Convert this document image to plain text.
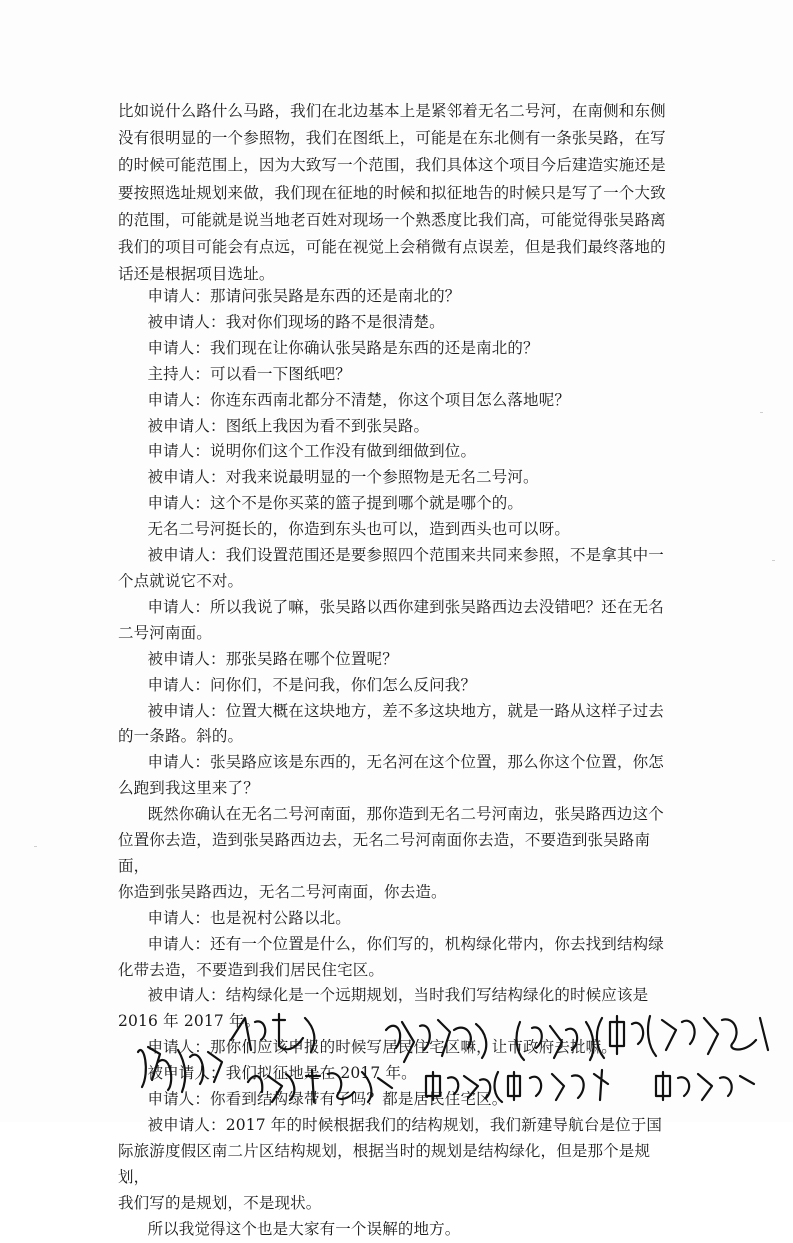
比如说什么路什么马路，我们在北边基本上是紧邻着无名二号河，在南侧和东侧

没有很明显的一个参照物，我们在图纸上，可能是在东北侧有一条张吴路，在写

的时候可能范围上，因为大致写一个范围，我们具体这个项目今后建造实施还是

要按照选址规划来做，我们现在征地的时候和拟征地告的时候只是写了一个大致

的范围，可能就是说当地老百姓对现场一个熟悉度比我们高，可能觉得张吴路离

我们的项目可能会有点远，可能在视觉上会稍微有点误差，但是我们最终落地的

话还是根据项目选址。

申请人：那请问张吴路是东西的还是南北的？

被申请人：我对你们现场的路不是很清楚。

申请人：我们现在让你确认张吴路是东西的还是南北的？

主持人：可以看一下图纸吧？

申请人：你连东西南北都分不清楚，你这个项目怎么落地呢？

被申请人：图纸上我因为看不到张吴路。

申请人：说明你们这个工作没有做到细做到位。

被申请人：对我来说最明显的一个参照物是无名二号河。

申请人：这个不是你买菜的篮子提到哪个就是哪个的。

无名二号河挺长的，你造到东头也可以，造到西头也可以呀。

被申请人：我们设置范围还是要参照四个范围来共同来参照，不是拿其中一

个点就说它不对。

申请人：所以我说了嘛，张吴路以西你建到张吴路西边去没错吧？还在无名

二号河南面。

被申请人：那张吴路在哪个位置呢？

申请人：问你们，不是问我，你们怎么反问我？

被申请人：位置大概在这块地方，差不多这块地方，就是一路从这样子过去

的一条路。斜的。

申请人：张吴路应该是东西的，无名河在这个位置，那么你这个位置，你怎

么跑到我这里来了？

既然你确认在无名二号河南面，那你造到无名二号河南边，张吴路西边这个

位置你去造，造到张吴路西边去，无名二号河南面你去造，不要造到张吴路南面，

你造到张吴路西边，无名二号河南面，你去造。

申请人：也是祝村公路以北。

申请人：还有一个位置是什么，你们写的，机构绿化带内，你去找到结构绿

化带去造，不要造到我们居民住宅区。

被申请人：结构绿化是一个远期规划，当时我们写结构绿化的时候应该是

2016 年 2017 年。

申请人：那你们应该申报的时候写居民住宅区嘛，让市政府去批嘛。

被申请人：我们拟征地是在 2017 年。

申请人：你看到结构绿带有了吗？都是居民住宅区。

被申请人：2017 年的时候根据我们的结构规划，我们新建导航台是位于国

际旅游度假区南二片区结构规划，根据当时的规划是结构绿化，但是那个是规划，

我们写的是规划，不是现状。

所以我觉得这个也是大家有一个误解的地方。
